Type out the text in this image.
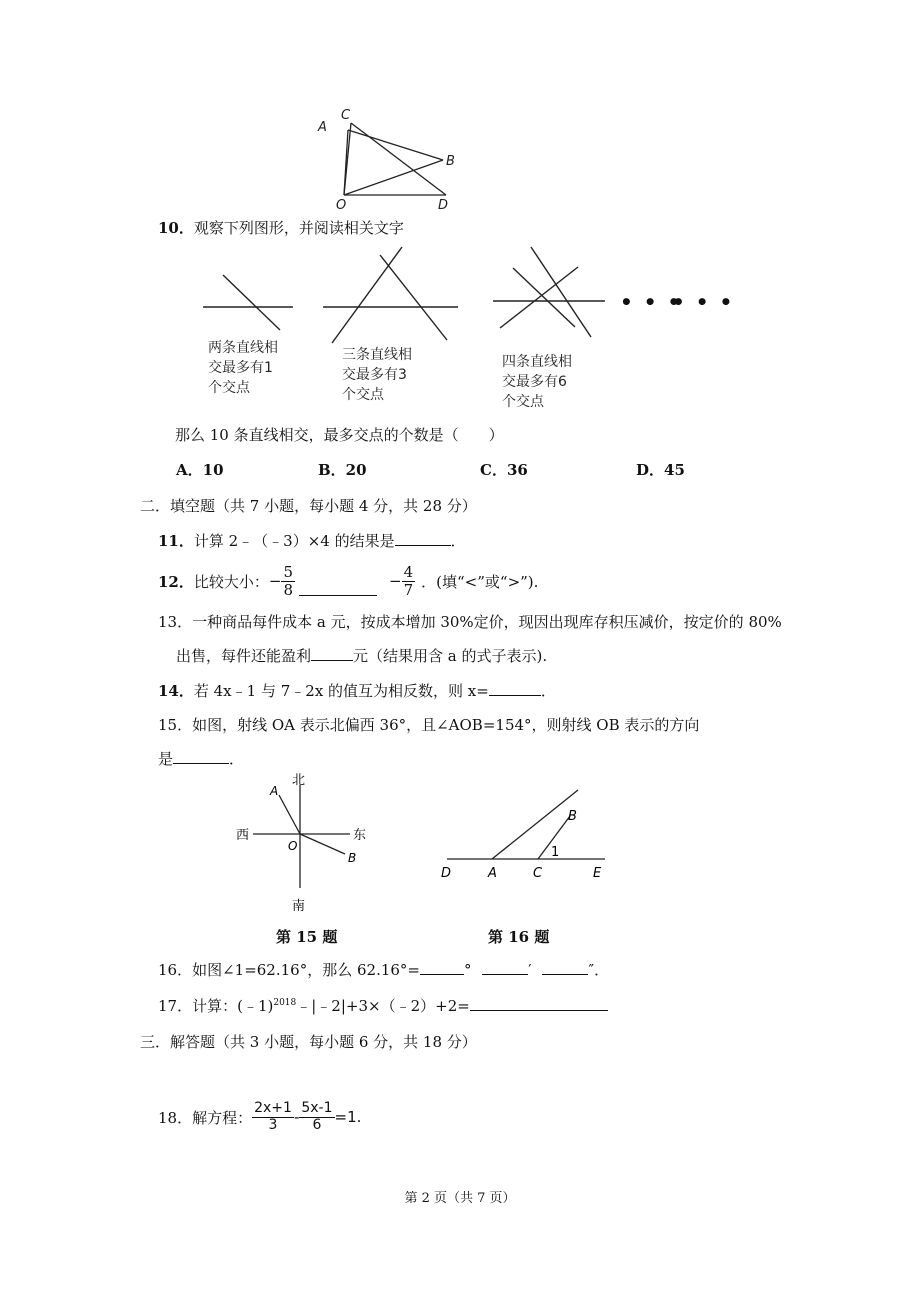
A
C
B
O	D
10．观察下列图形，并阅读相关文字
• • •
• • •
两条直线相
交最多有1
个交点
三条直线相
交最多有3
个交点
四条直线相
交最多有6
个交点
那么 10 条直线相交，最多交点的个数是（　　）
A．10	B．20	C．36	D．45
二．填空题（共 7 小题，每小题 4 分，共 28 分）
11．计算 2﹣（﹣3）×4 的结果是	．
12． 比较大小： − $\frac{5}{8}$	− $\frac{4}{7}$ ．(填“<”或“>”).
13．一种商品每件成本 a 元，按成本增加 30%定价，现因出现库存积压减价，按定价的 80%
出售，每件还能盈利	元（结果用含 a 的式子表示).
14．若 4x﹣1 与 7﹣2x 的值互为相反数，则 x=	．
15．如图，射线 OA 表示北偏西 36°，且∠AOB=154°，则射线 OB 表示的方向
是	．
北
南
西	东
A
O
B
第 15 题
B
1
D	A	C	E
第 16 题
16．如图∠1=62.16°，那么 62.16°=	°	′	″．
17．计算：(﹣1)$^{2018}$﹣|﹣2|+3×（﹣2）+2=
三．解答题（共 3 小题，每小题 6 分，共 18 分）
18．解方程： $\frac{2x+1}{3} - \frac{5x-1}{6} =1$.
第 2 页（共 7 页）
